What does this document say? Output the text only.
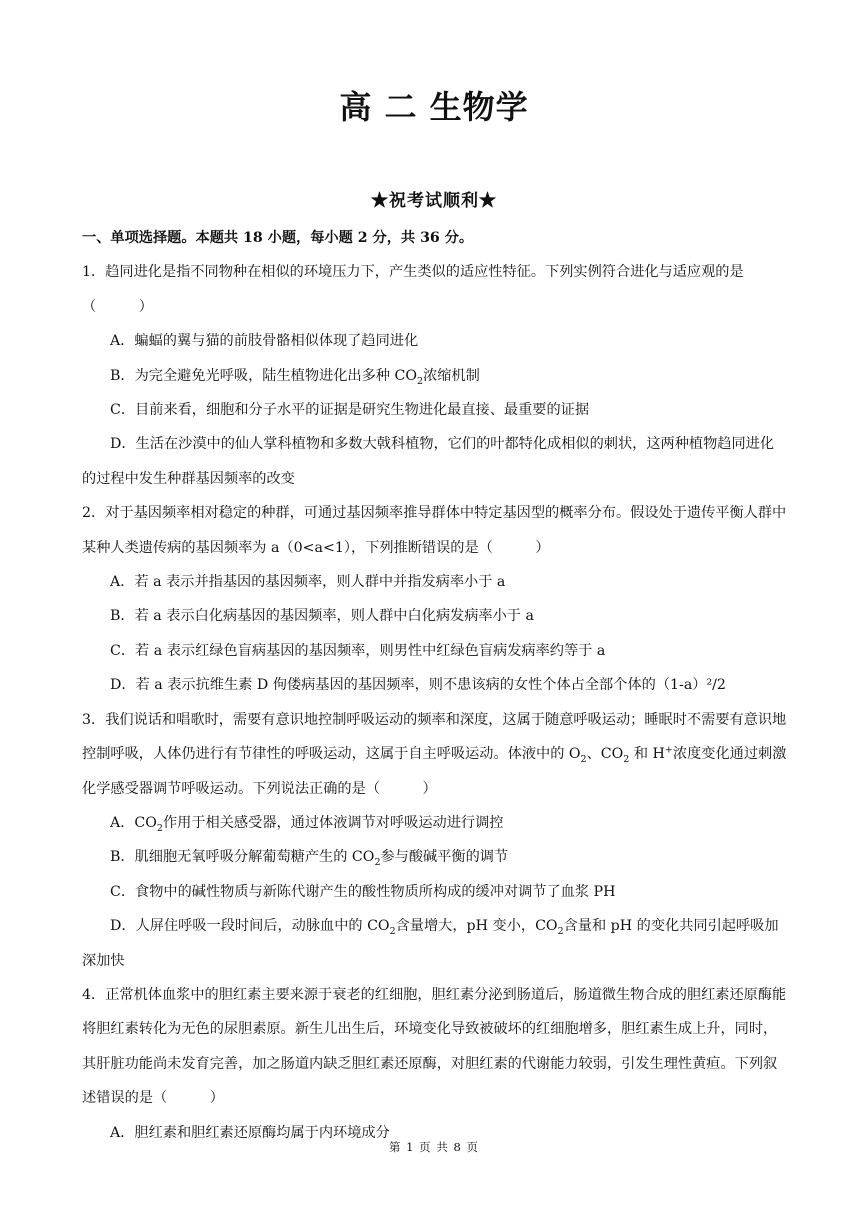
高 二 生物学
★祝考试顺利★

一、单项选择题。本题共 18 小题，每小题 2 分，共 36 分。

1．趋同进化是指不同物种在相似的环境压力下，产生类似的适应性特征。下列实例符合进化与适应观的是（　　　）

A．蝙蝠的翼与猫的前肢骨骼相似体现了趋同进化

B．为完全避免光呼吸，陆生植物进化出多种 $CO_2$浓缩机制

C．目前来看，细胞和分子水平的证据是研究生物进化最直接、最重要的证据

D．生活在沙漠中的仙人掌科植物和多数大戟科植物，它们的叶都特化成相似的刺状，这两种植物趋同进化的过程中发生种群基因频率的改变

2．对于基因频率相对稳定的种群，可通过基因频率推导群体中特定基因型的概率分布。假设处于遗传平衡人群中某种人类遗传病的基因频率为 a（0<a<1），下列推断错误的是（　　　）

A．若 a 表示并指基因的基因频率，则人群中并指发病率小于 a

B．若 a 表示白化病基因的基因频率，则人群中白化病发病率小于 a

C．若 a 表示红绿色盲病基因的基因频率，则男性中红绿色盲病发病率约等于 a

D．若 a 表示抗维生素 D 佝偻病基因的基因频率，则不患该病的女性个体占全部个体的（1-a）²/2

3．我们说话和唱歌时，需要有意识地控制呼吸运动的频率和深度，这属于随意呼吸运动；睡眠时不需要有意识地控制呼吸，人体仍进行有节律性的呼吸运动，这属于自主呼吸运动。体液中的 $O_2$、$CO_2$ 和 H+浓度变化通过刺激化学感受器调节呼吸运动。下列说法正确的是（　　　）

A．$CO_2$作用于相关感受器，通过体液调节对呼吸运动进行调控

B．肌细胞无氧呼吸分解葡萄糖产生的 $CO_2$参与酸碱平衡的调节

C．食物中的碱性物质与新陈代谢产生的酸性物质所构成的缓冲对调节了血浆 PH

D．人屏住呼吸一段时间后，动脉血中的 $CO_2$含量增大，pH 变小，$CO_2$含量和 pH 的变化共同引起呼吸加深加快

4．正常机体血浆中的胆红素主要来源于衰老的红细胞，胆红素分泌到肠道后，肠道微生物合成的胆红素还原酶能将胆红素转化为无色的尿胆素原。新生儿出生后，环境变化导致被破坏的红细胞增多，胆红素生成上升，同时，其肝脏功能尚未发育完善，加之肠道内缺乏胆红素还原酶，对胆红素的代谢能力较弱，引发生理性黄疸。下列叙述错误的是（　　　）

A．胆红素和胆红素还原酶均属于内环境成分

第 1 页 共 8 页
